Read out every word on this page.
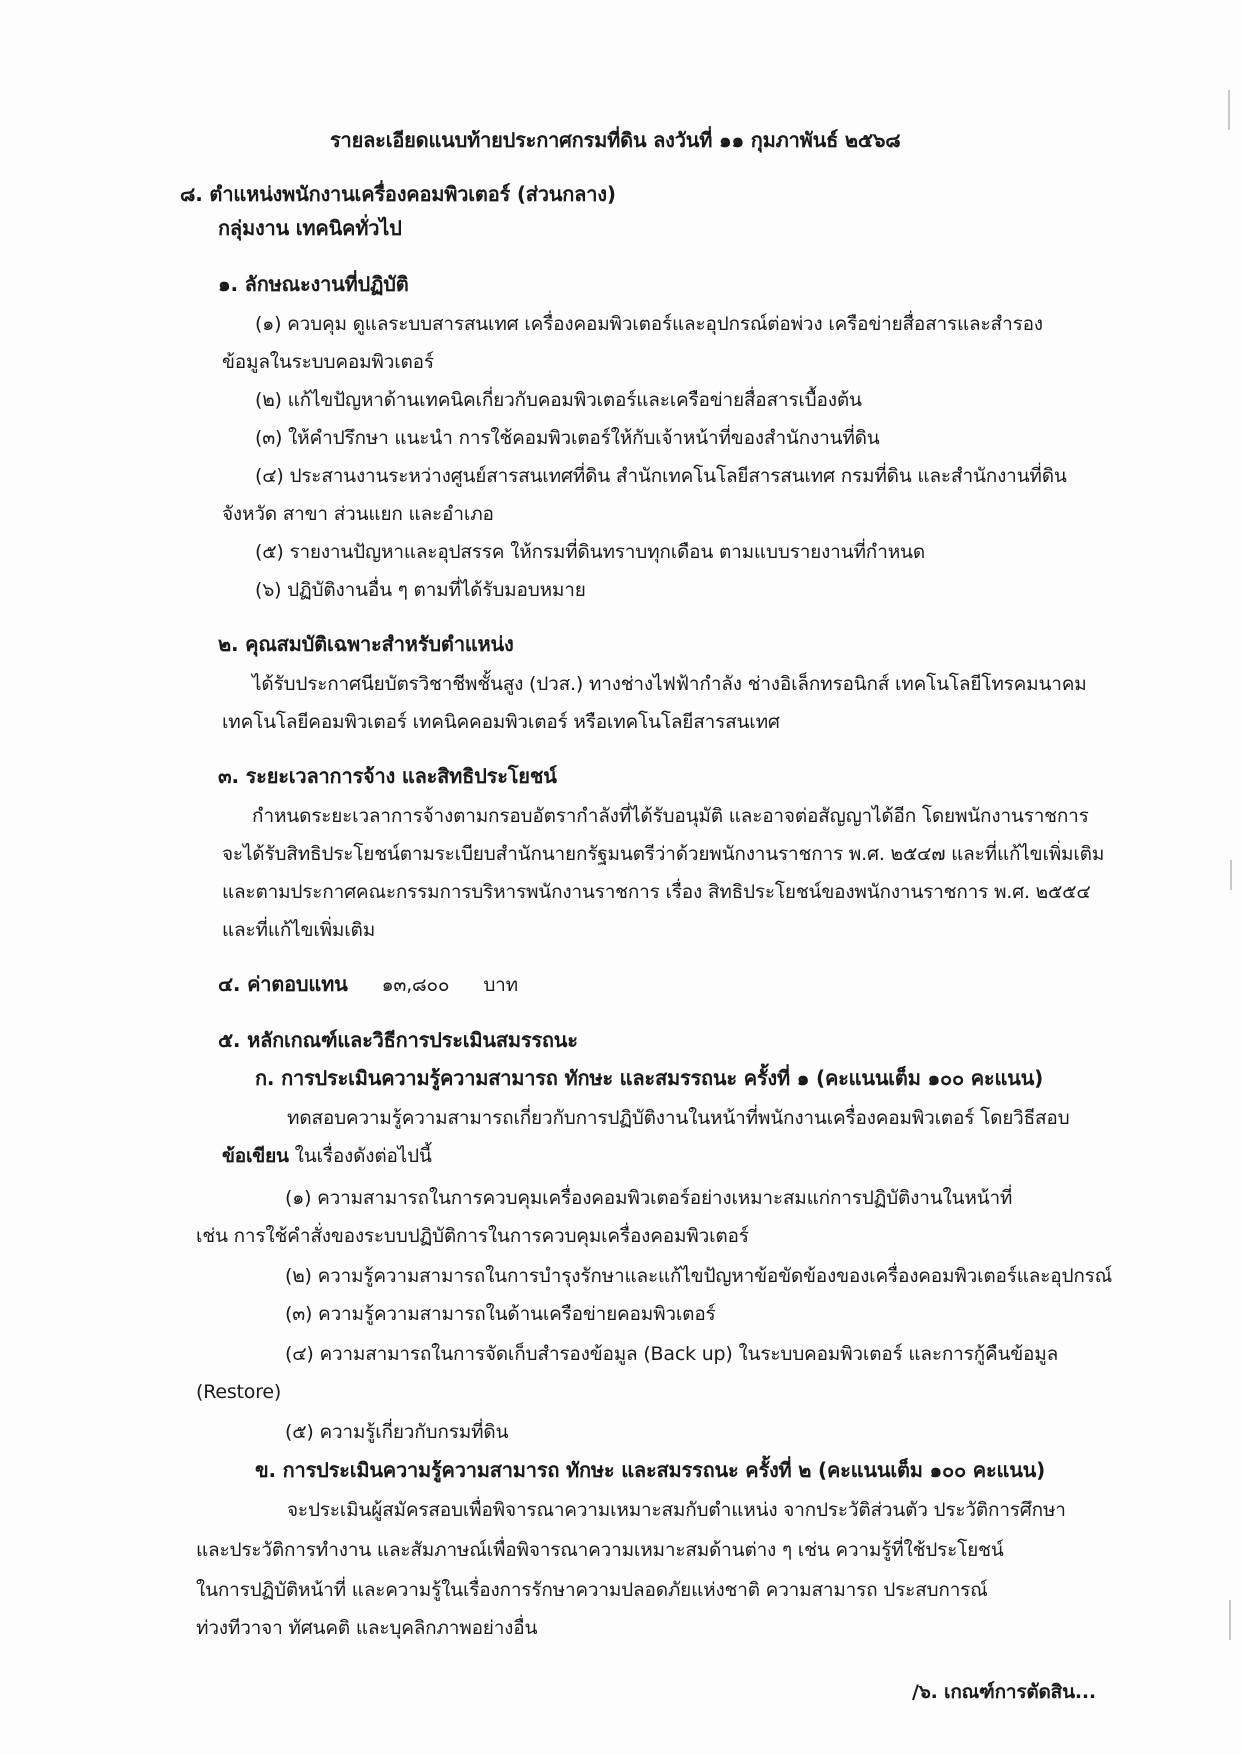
รายละเอียดแนบท้ายประกาศกรมที่ดิน ลงวันที่ ๑๑ กุมภาพันธ์ ๒๕๖๘
๘. ตำแหน่งพนักงานเครื่องคอมพิวเตอร์ (ส่วนกลาง)
กลุ่มงาน เทคนิคทั่วไป
๑. ลักษณะงานที่ปฏิบัติ
(๑) ควบคุม ดูแลระบบสารสนเทศ เครื่องคอมพิวเตอร์และอุปกรณ์ต่อพ่วง เครือข่ายสื่อสารและสำรอง
ข้อมูลในระบบคอมพิวเตอร์
(๒) แก้ไขปัญหาด้านเทคนิคเกี่ยวกับคอมพิวเตอร์และเครือข่ายสื่อสารเบื้องต้น
(๓) ให้คำปรึกษา แนะนำ การใช้คอมพิวเตอร์ให้กับเจ้าหน้าที่ของสำนักงานที่ดิน
(๔) ประสานงานระหว่างศูนย์สารสนเทศที่ดิน สำนักเทคโนโลยีสารสนเทศ กรมที่ดิน และสำนักงานที่ดิน
จังหวัด สาขา ส่วนแยก และอำเภอ
(๕) รายงานปัญหาและอุปสรรค ให้กรมที่ดินทราบทุกเดือน ตามแบบรายงานที่กำหนด
(๖) ปฏิบัติงานอื่น ๆ ตามที่ได้รับมอบหมาย
๒. คุณสมบัติเฉพาะสำหรับตำแหน่ง
ได้รับประกาศนียบัตรวิชาชีพชั้นสูง (ปวส.) ทางช่างไฟฟ้ากำลัง ช่างอิเล็กทรอนิกส์ เทคโนโลยีโทรคมนาคม
เทคโนโลยีคอมพิวเตอร์ เทคนิคคอมพิวเตอร์ หรือเทคโนโลยีสารสนเทศ
๓. ระยะเวลาการจ้าง และสิทธิประโยชน์
กำหนดระยะเวลาการจ้างตามกรอบอัตรากำลังที่ได้รับอนุมัติ และอาจต่อสัญญาได้อีก โดยพนักงานราชการ
จะได้รับสิทธิประโยชน์ตามระเบียบสำนักนายกรัฐมนตรีว่าด้วยพนักงานราชการ พ.ศ. ๒๕๔๗ และที่แก้ไขเพิ่มเติม
และตามประกาศคณะกรรมการบริหารพนักงานราชการ เรื่อง สิทธิประโยชน์ของพนักงานราชการ พ.ศ. ๒๕๕๔
และที่แก้ไขเพิ่มเติม
๔. ค่าตอบแทน ๑๓,๘๐๐ บาท
๕. หลักเกณฑ์และวิธีการประเมินสมรรถนะ
ก. การประเมินความรู้ความสามารถ ทักษะ และสมรรถนะ ครั้งที่ ๑ (คะแนนเต็ม ๑๐๐ คะแนน)
ทดสอบความรู้ความสามารถเกี่ยวกับการปฏิบัติงานในหน้าที่พนักงานเครื่องคอมพิวเตอร์ โดยวิธีสอบ
ข้อเขียน ในเรื่องดังต่อไปนี้
(๑) ความสามารถในการควบคุมเครื่องคอมพิวเตอร์อย่างเหมาะสมแก่การปฏิบัติงานในหน้าที่
เช่น การใช้คำสั่งของระบบปฏิบัติการในการควบคุมเครื่องคอมพิวเตอร์
(๒) ความรู้ความสามารถในการบำรุงรักษาและแก้ไขปัญหาข้อขัดข้องของเครื่องคอมพิวเตอร์และอุปกรณ์
(๓) ความรู้ความสามารถในด้านเครือข่ายคอมพิวเตอร์
(๔) ความสามารถในการจัดเก็บสำรองข้อมูล (Back up) ในระบบคอมพิวเตอร์ และการกู้คืนข้อมูล
(Restore)
(๕) ความรู้เกี่ยวกับกรมที่ดิน
ข. การประเมินความรู้ความสามารถ ทักษะ และสมรรถนะ ครั้งที่ ๒ (คะแนนเต็ม ๑๐๐ คะแนน)
จะประเมินผู้สมัครสอบเพื่อพิจารณาความเหมาะสมกับตำแหน่ง จากประวัติส่วนตัว ประวัติการศึกษา
และประวัติการทำงาน และสัมภาษณ์เพื่อพิจารณาความเหมาะสมด้านต่าง ๆ เช่น ความรู้ที่ใช้ประโยชน์
ในการปฏิบัติหน้าที่ และความรู้ในเรื่องการรักษาความปลอดภัยแห่งชาติ ความสามารถ ประสบการณ์
ท่วงทีวาจา ทัศนคติ และบุคลิกภาพอย่างอื่น
/๖. เกณฑ์การตัดสิน...
